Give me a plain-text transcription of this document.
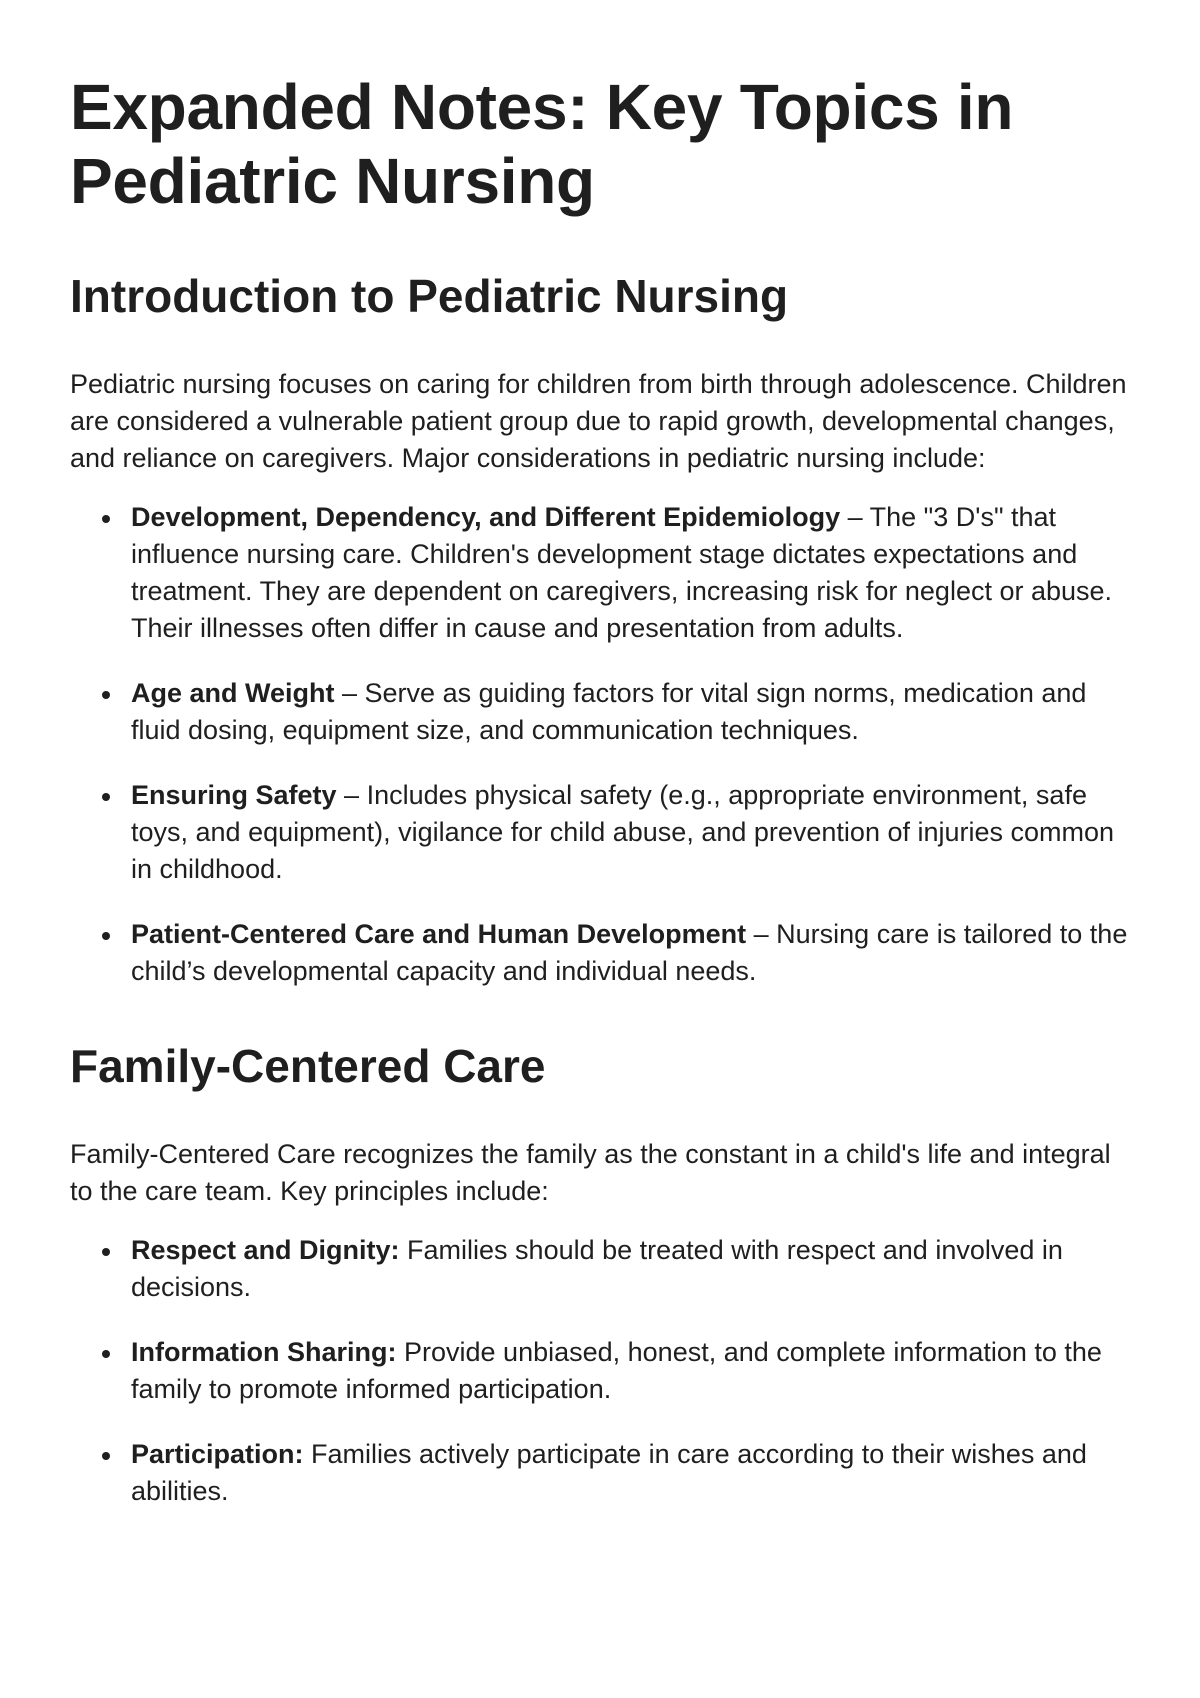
Expanded Notes: Key Topics in Pediatric Nursing
Introduction to Pediatric Nursing

Pediatric nursing focuses on caring for children from birth through adolescence. Children are considered a vulnerable patient group due to rapid growth, developmental changes, and reliance on caregivers. Major considerations in pediatric nursing include:

Development, Dependency, and Different Epidemiology – The "3 D's" that influence nursing care. Children's development stage dictates expectations and treatment. They are dependent on caregivers, increasing risk for neglect or abuse. Their illnesses often differ in cause and presentation from adults.
Age and Weight – Serve as guiding factors for vital sign norms, medication and fluid dosing, equipment size, and communication techniques.
Ensuring Safety – Includes physical safety (e.g., appropriate environment, safe toys, and equipment), vigilance for child abuse, and prevention of injuries common in childhood.
Patient-Centered Care and Human Development – Nursing care is tailored to the child’s developmental capacity and individual needs.
Family-Centered Care

Family-Centered Care recognizes the family as the constant in a child's life and integral to the care team. Key principles include:

Respect and Dignity: Families should be treated with respect and involved in decisions.
Information Sharing: Provide unbiased, honest, and complete information to the family to promote informed participation.
Participation: Families actively participate in care according to their wishes and abilities.
